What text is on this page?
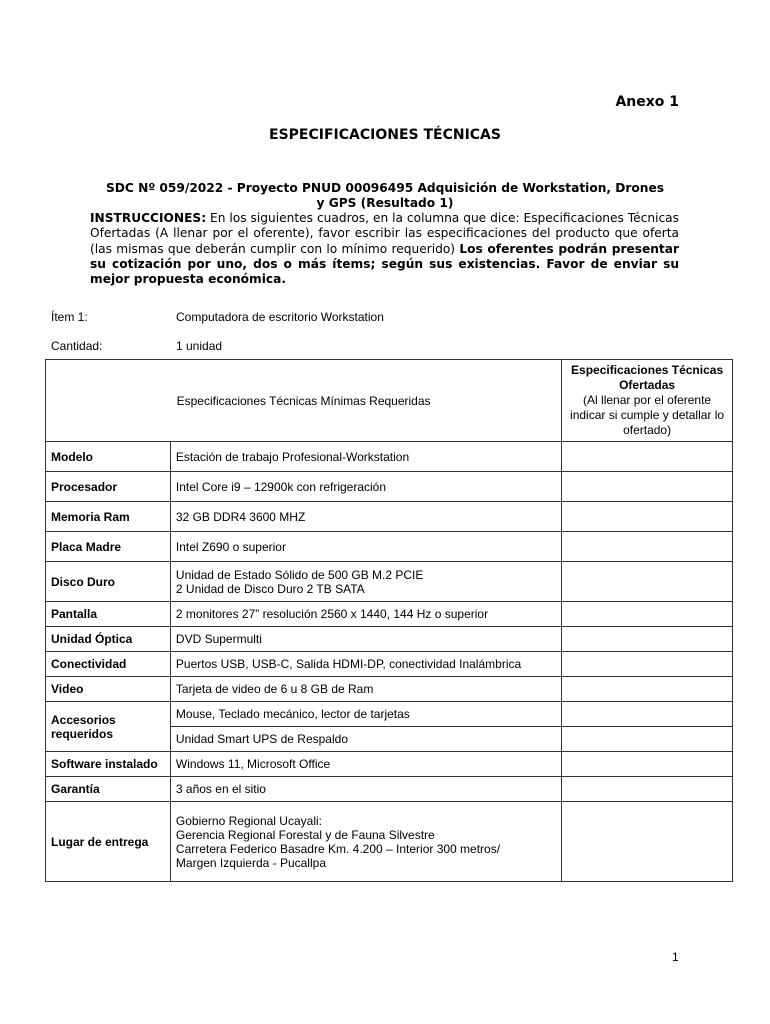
Anexo 1
ESPECIFICACIONES TÉCNICAS
SDC Nº 059/2022 - Proyecto PNUD 00096495 Adquisición de Workstation, Drones
y GPS (Resultado 1)
INSTRUCCIONES: En los siguientes cuadros, en la columna que dice: Especificaciones Técnicas Ofertadas (A llenar por el oferente), favor escribir las especificaciones del producto que oferta (las mismas que deberán cumplir con lo mínimo requerido) Los oferentes podrán presentar su cotización por uno, dos o más ítems; según sus existencias. Favor de enviar su mejor propuesta económica.
Ítem 1:	Computadora de escritorio Workstation
Cantidad:	1 unidad
Especificaciones Técnicas Mínimas Requeridas		Especificaciones Técnicas Ofertadas
(Al llenar por el oferente indicar si cumple y detallar lo ofertado)
Modelo	Estación de trabajo Profesional-Workstation	
Procesador	Intel Core i9 – 12900k con refrigeración	
Memoria Ram	32 GB DDR4 3600 MHZ	
Placa Madre	Intel Z690 o superior	
Disco Duro	Unidad de Estado Sólido de 500 GB M.2 PCIE
2 Unidad de Disco Duro 2 TB SATA	

Pantalla	2 monitores 27” resolución 2560 x 1440, 144 Hz o superior	
Unidad Óptica	DVD Supermulti	
Conectividad	Puertos USB, USB-C, Salida HDMI-DP, conectividad Inalámbrica	
Video	Tarjeta de video de 6 u 8 GB de Ram	

Accesorios
requeridos	Mouse, Teclado mecánico, lector de tarjetas	
	Unidad Smart UPS de Respaldo	
Software instalado	Windows 11, Microsoft Office	
Garantía	3 años en el sitio	
Lugar de entrega	Gobierno Regional Ucayali:
Gerencia Regional Forestal y de Fauna Silvestre
Carretera Federico Basadre Km. 4.200 – Interior 300 metros/
Margen Izquierda - Pucallpa	

1
